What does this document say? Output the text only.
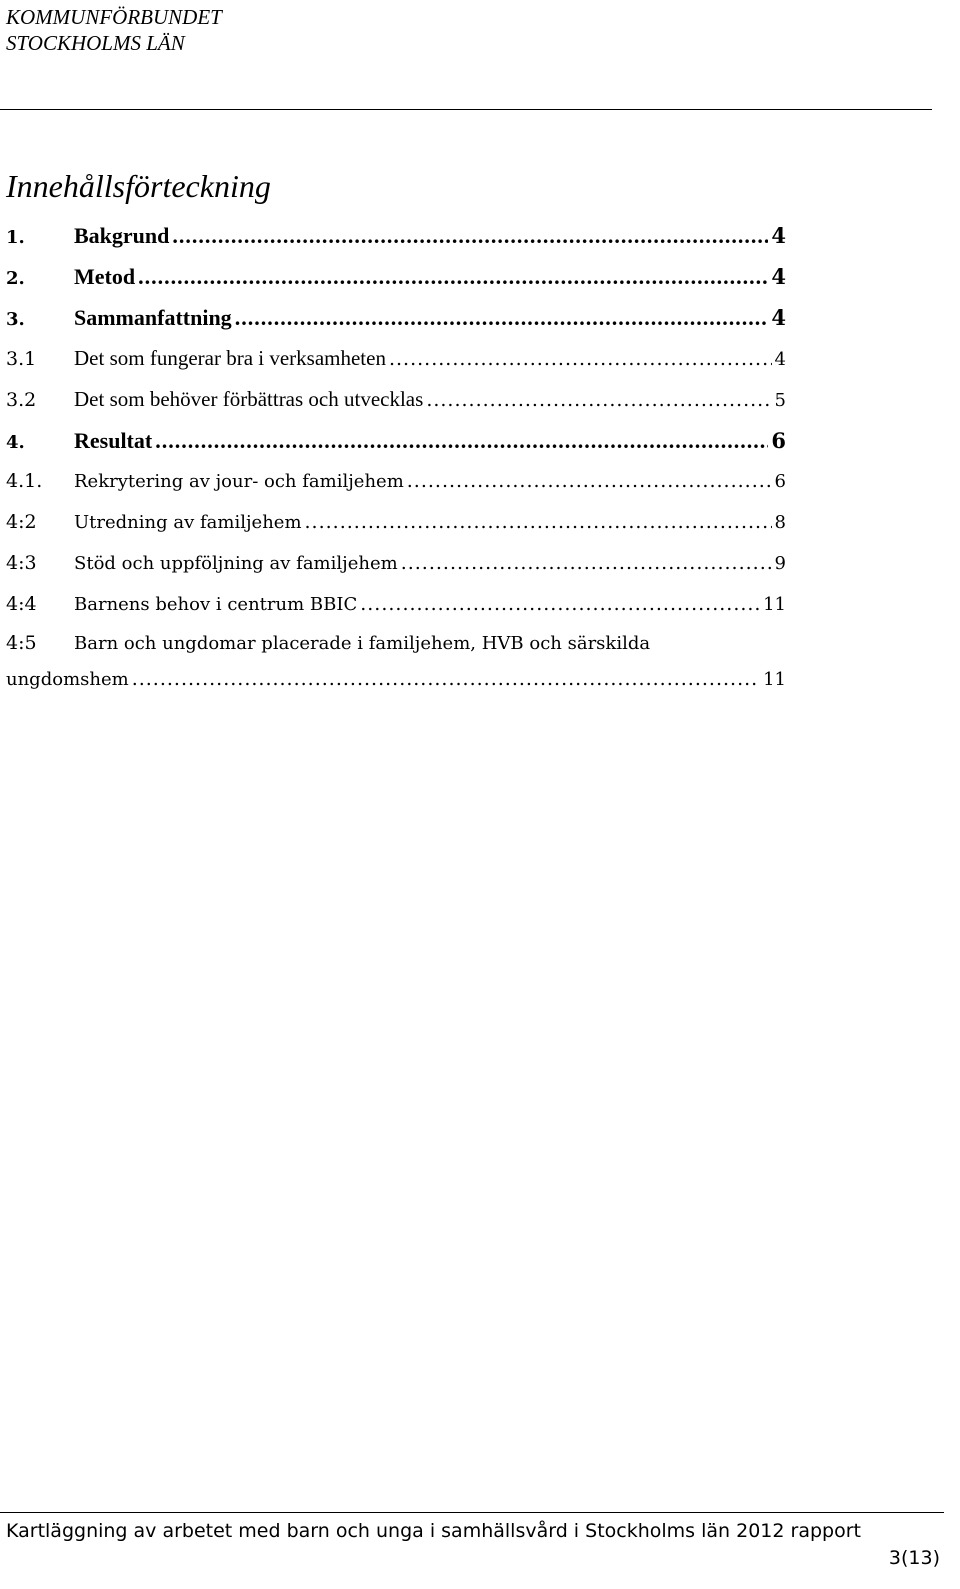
KOMMUNFÖRBUNDET
STOCKHOLMS LÄN
Innehållsförteckning
1.	Bakgrund .....	4
2.	Metod .....	4
3.	Sammanfattning .....	4
3.1	Det som fungerar bra i verksamheten .....	4
3.2	Det som behöver förbättras och utvecklas .....	5
4.	Resultat .....	6
4.1.	Rekrytering av jour- och familjehem .....	6
4:2	Utredning av familjehem .....	8
4:3	Stöd och uppföljning av familjehem .....	9
4:4	Barnens behov i centrum BBIC .....	11
4:5	Barn och ungdomar placerade i familjehem, HVB och särskilda
ungdomshem .....	11
Kartläggning av arbetet med barn och unga i samhällsvård i Stockholms län 2012 rapport
3(13)
